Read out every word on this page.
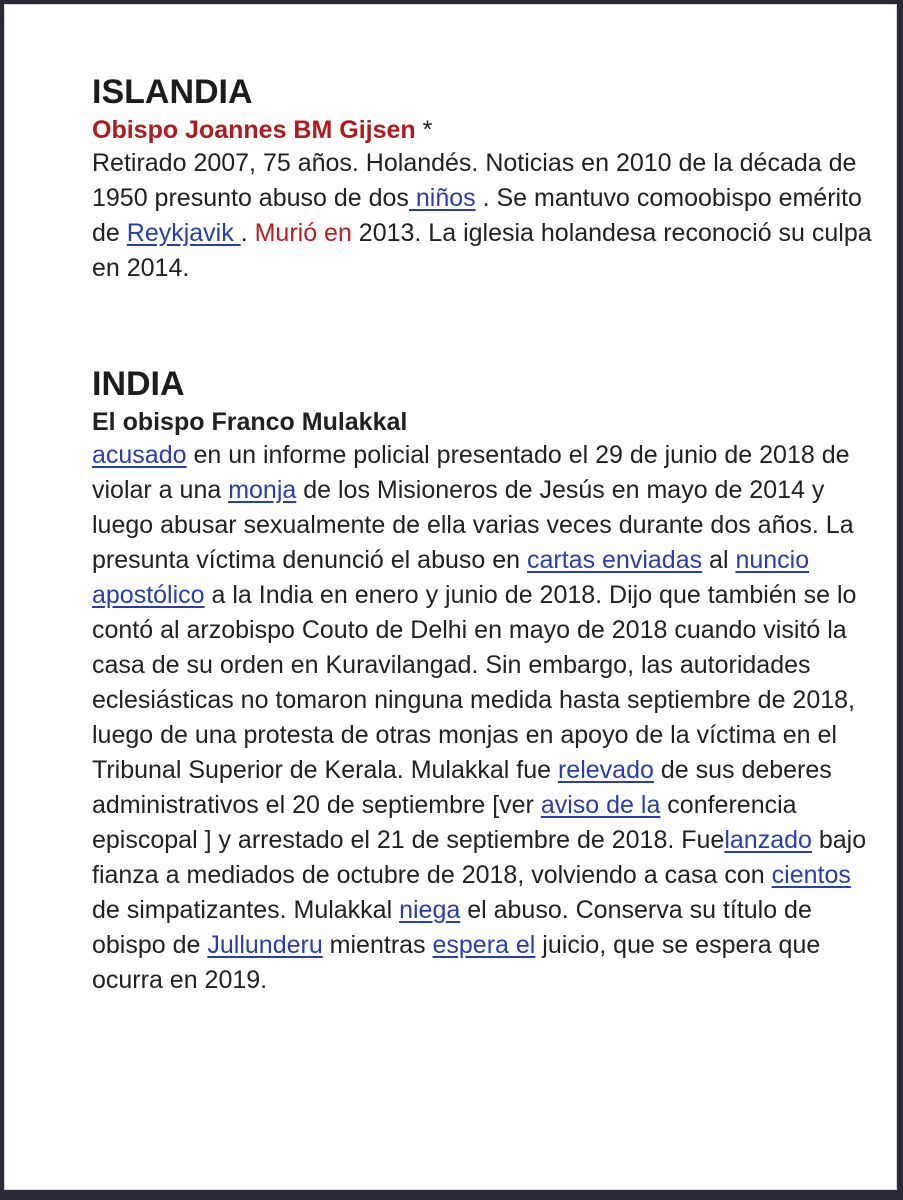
ISLANDIA
Obispo Joannes BM Gijsen *

Retirado 2007, 75 años. Holandés. Noticias en 2010 de la década de 1950 presunto abuso de dos niños . Se mantuvo comoobispo emérito de Reykjavik . Murió en 2013. La iglesia holandesa reconoció su culpa en 2014.

INDIA
El obispo Franco Mulakkal

acusado en un informe policial presentado el 29 de junio de 2018 de violar a una monja de los Misioneros de Jesús en mayo de 2014 y luego abusar sexualmente de ella varias veces durante dos años. La presunta víctima denunció el abuso en cartas enviadas al nuncio apostólico a la India en enero y junio de 2018. Dijo que también se lo contó al arzobispo Couto de Delhi en mayo de 2018 cuando visitó la casa de su orden en Kuravilangad. Sin embargo, las autoridades eclesiásticas no tomaron ninguna medida hasta septiembre de 2018, luego de una protesta de otras monjas en apoyo de la víctima en el Tribunal Superior de Kerala. Mulakkal fue relevado de sus deberes administrativos el 20 de septiembre [ver aviso de la conferencia episcopal ] y arrestado el 21 de septiembre de 2018. Fuelanzado bajo fianza a mediados de octubre de 2018, volviendo a casa con cientos de simpatizantes. Mulakkal niega el abuso. Conserva su título de obispo de Jullunderu mientras espera el juicio, que se espera que ocurra en 2019.
